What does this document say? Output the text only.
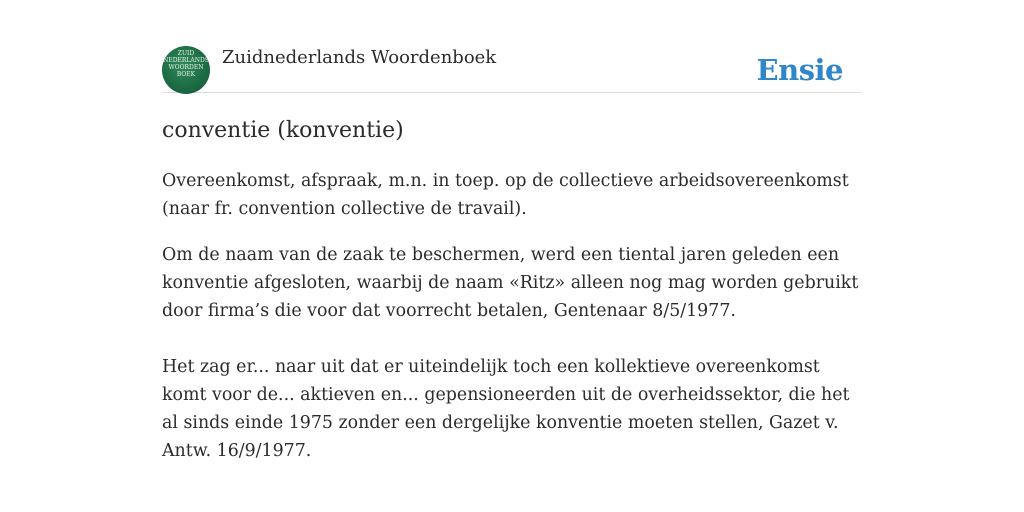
ZUID
NEDERLANDS
WOORDEN
BOEK
Zuidnederlands Woordenboek	Ensie
conventie (konventie)

Overeenkomst, afspraak, m.n. in toep. op de collectieve arbeidsovereenkomst (naar fr. convention collective de travail).

Om de naam van de zaak te beschermen, werd een tiental jaren geleden een konventie afgesloten, waarbij de naam «Ritz» alleen nog mag worden gebruikt door firma’s die voor dat voorrecht betalen, Gentenaar 8/5/1977.

Het zag er... naar uit dat er uiteindelijk toch een kollektieve overeenkomst komt voor de... aktieven en... gepensioneerden uit de overheidssektor, die het al sinds einde 1975 zonder een dergelijke konventie moeten stellen, Gazet v. Antw. 16/9/1977.
